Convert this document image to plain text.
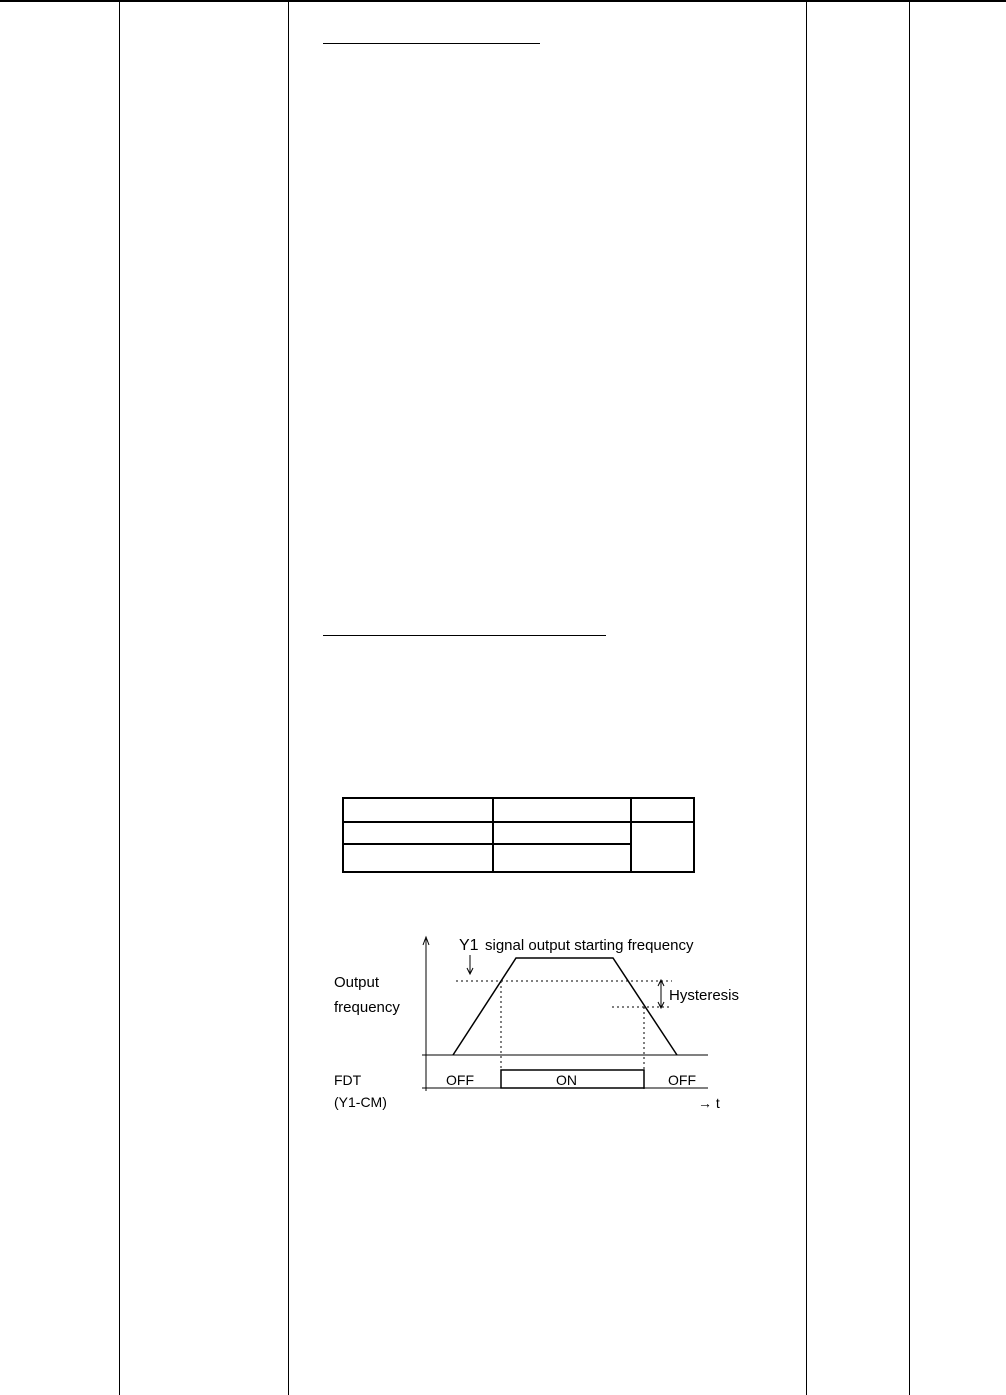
Y1 signal output starting frequency
Output
frequency
Hysteresis
OFF	ON	OFF
FDT
(Y1-CM)	→ t
